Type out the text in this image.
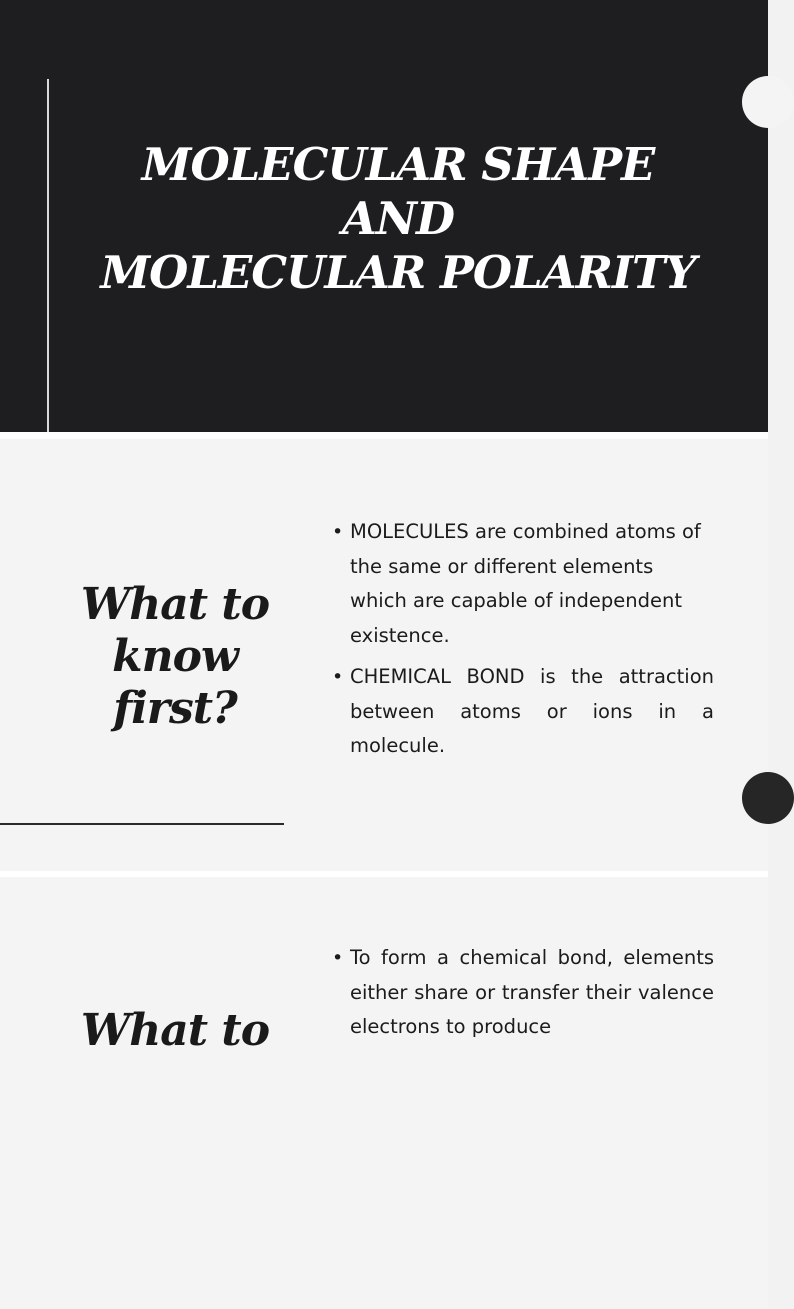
MOLECULAR SHAPE
AND
MOLECULAR POLARITY
What to
know
first?
• MOLECULES are combined atoms of the same or different elements which are capable of independent existence.
• CHEMICAL BOND is the attraction between atoms or ions in a molecule.
What to
• To form a chemical bond, elements either share or transfer their valence electrons to produce
